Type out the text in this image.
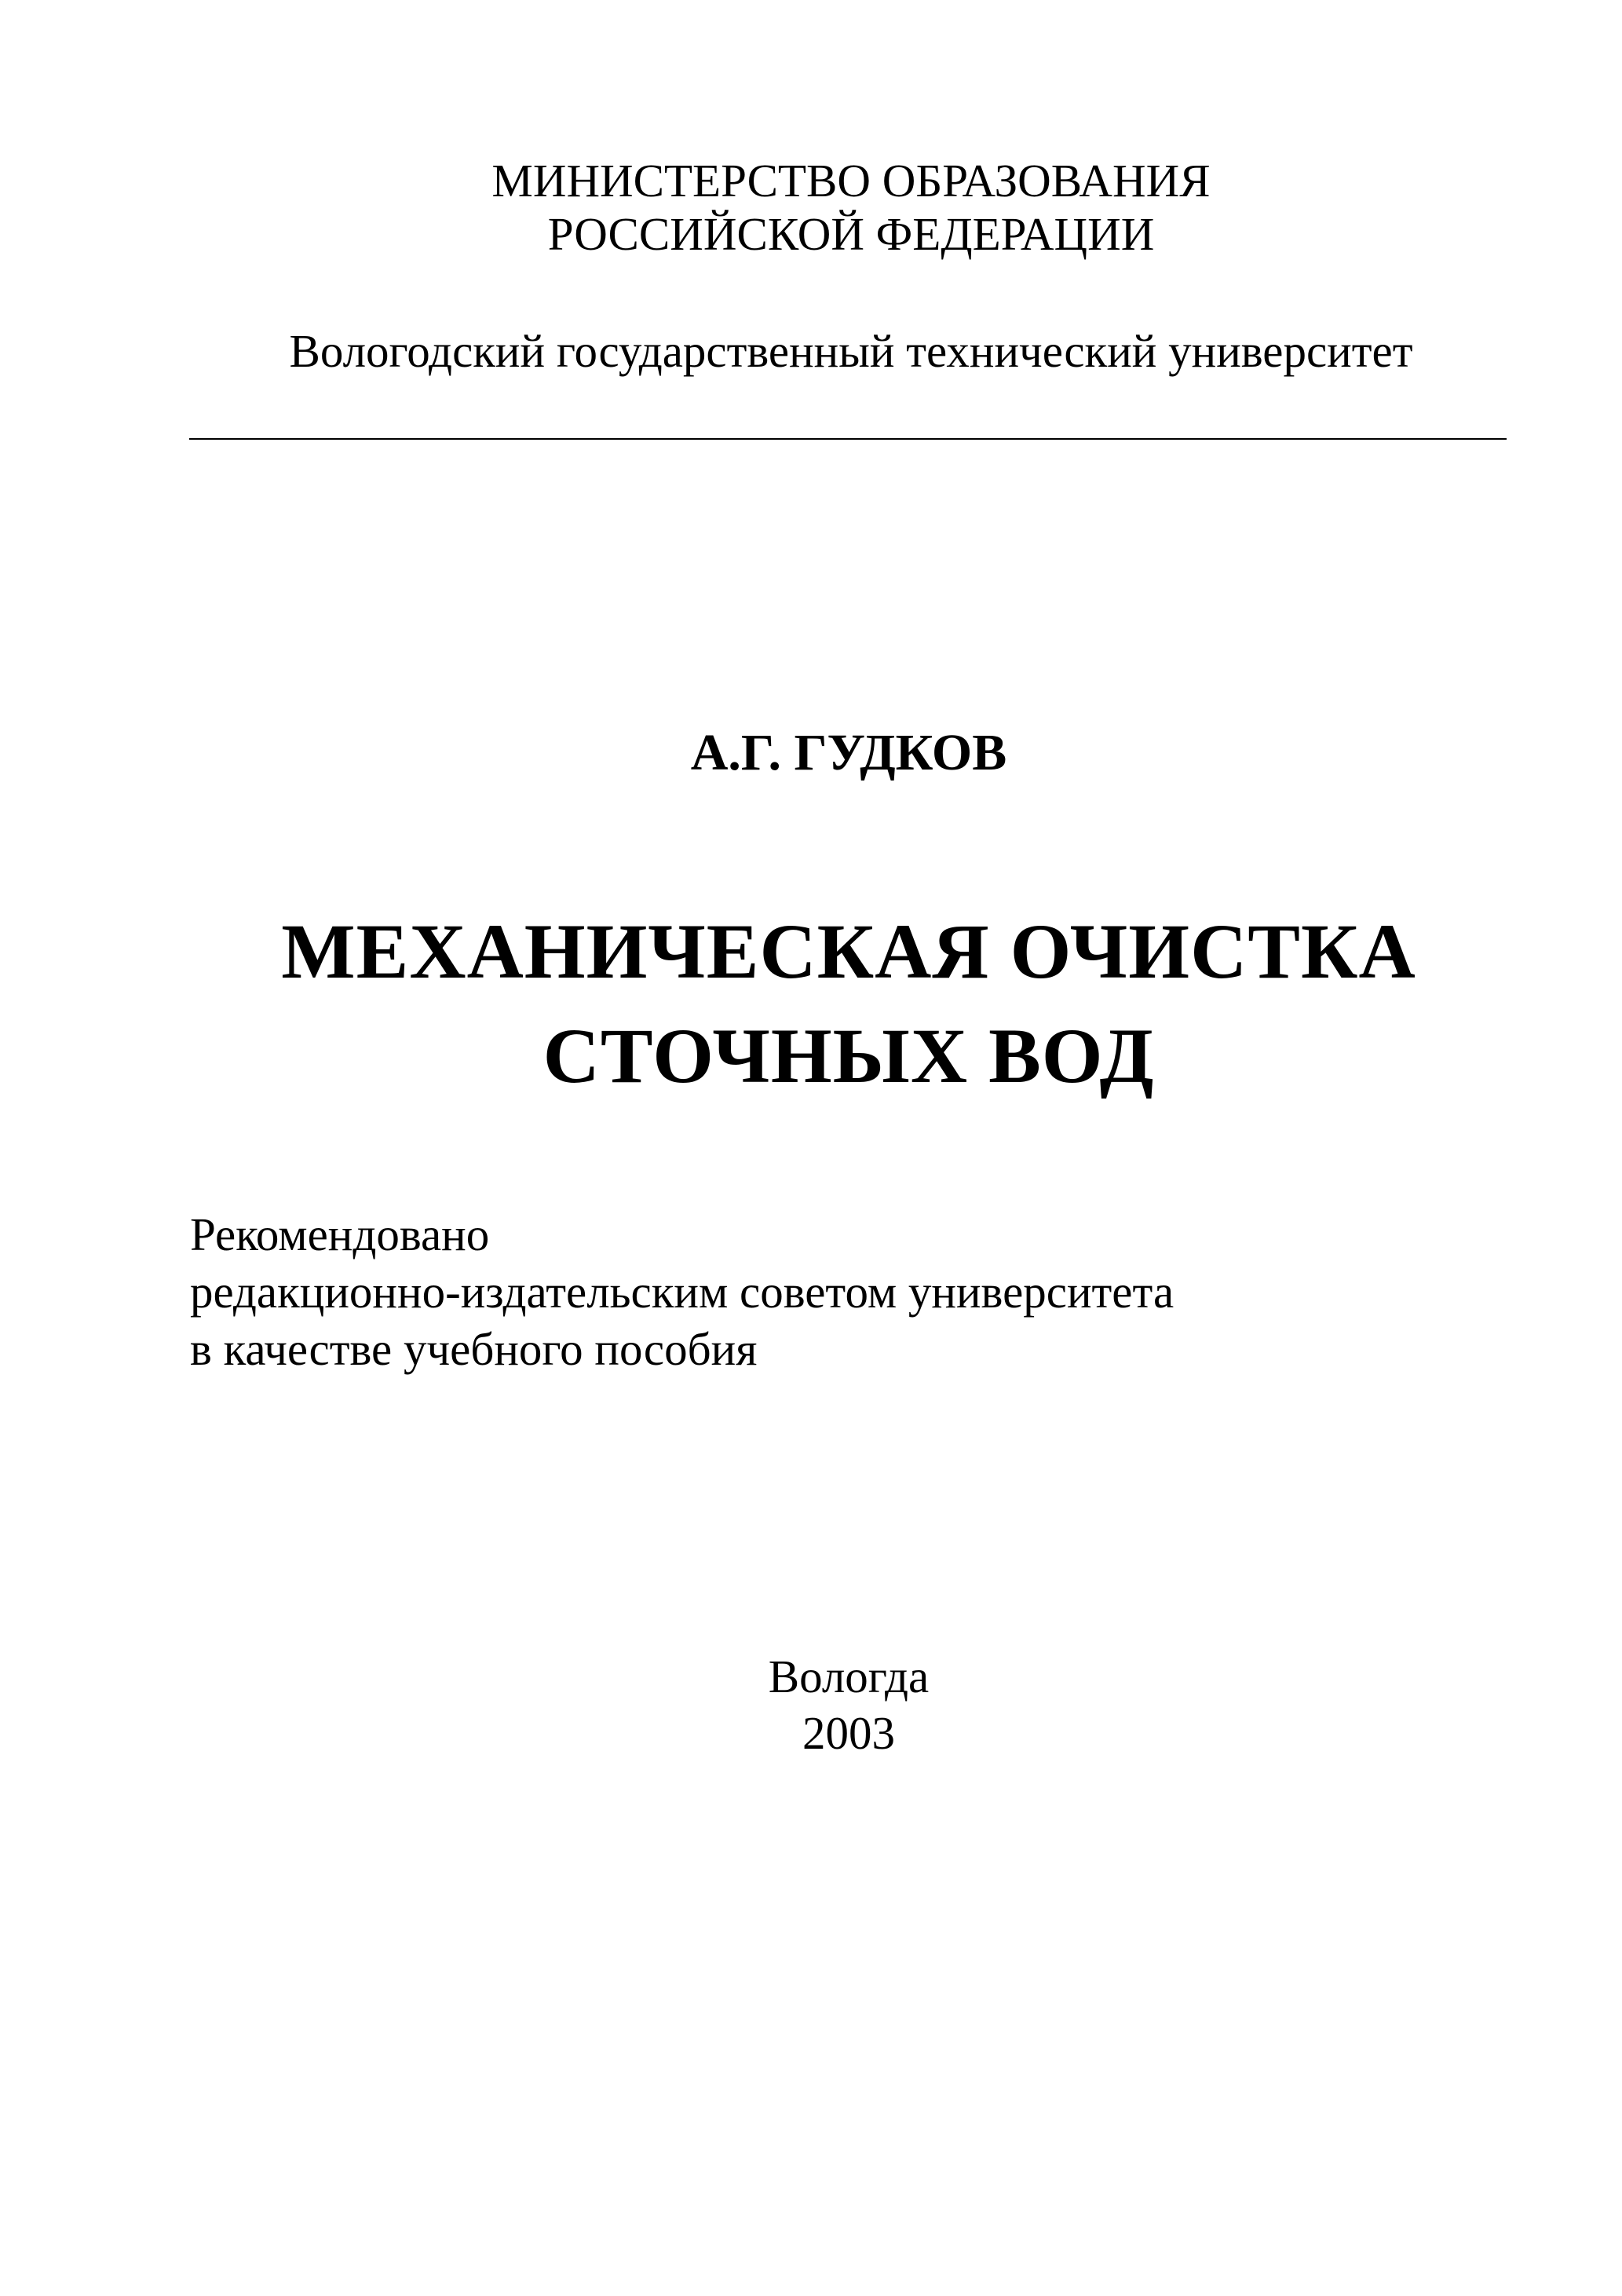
МИНИСТЕРСТВО ОБРАЗОВАНИЯ
РОССИЙСКОЙ ФЕДЕРАЦИИ
Вологодский государственный технический университет
А.Г. ГУДКОВ
МЕХАНИЧЕСКАЯ ОЧИСТКА
СТОЧНЫХ ВОД
Рекомендовано
редакционно-издательским советом университета
в качестве учебного пособия
Вологда
2003
